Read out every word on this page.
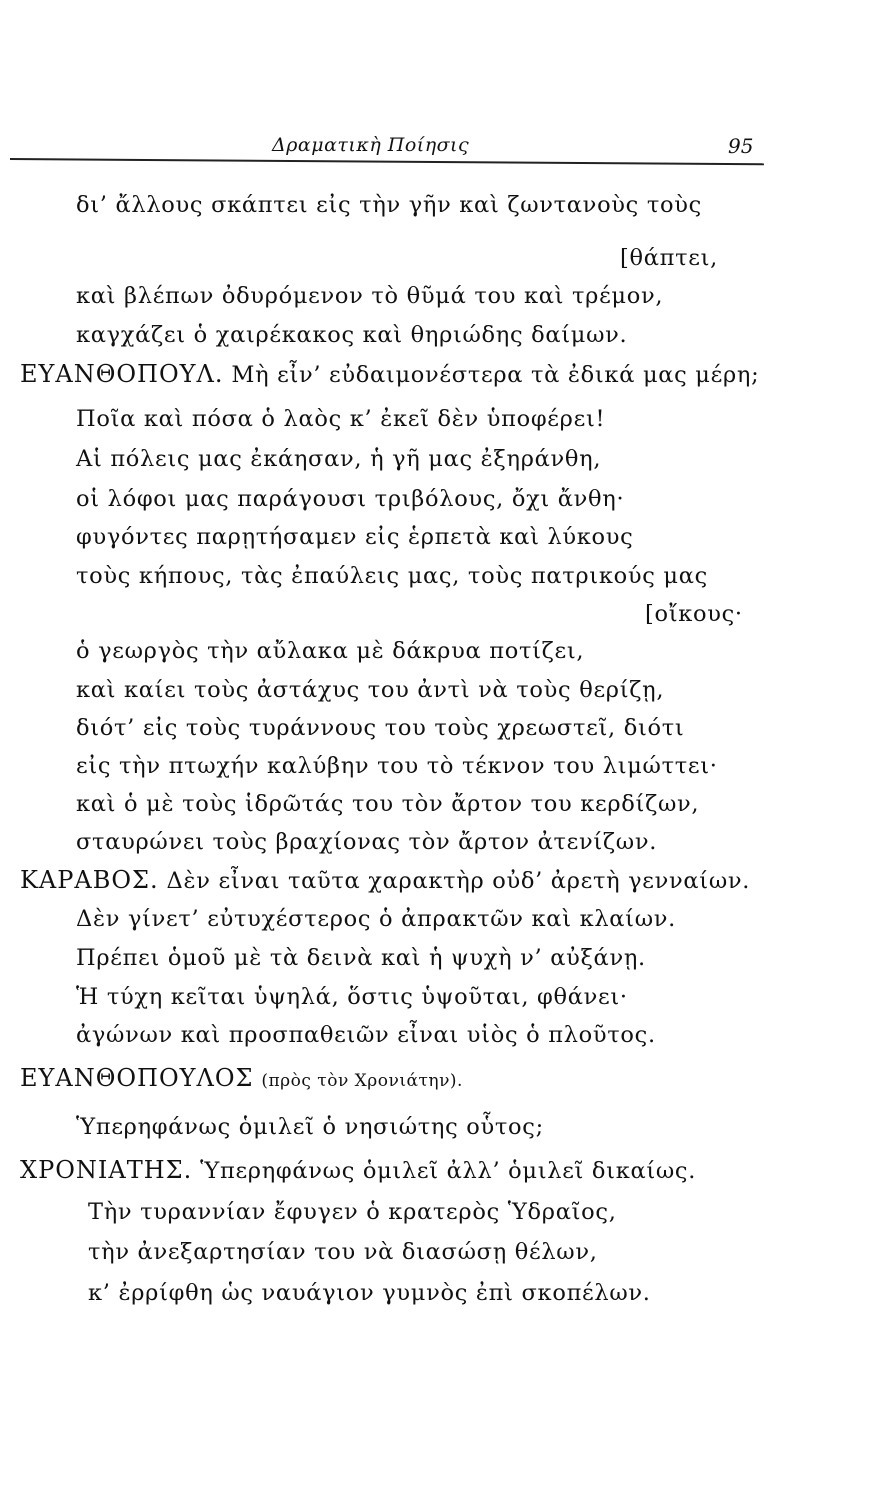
Δραματικὴ Ποίησις	95
δι’ ἄλλους σκάπτει εἰς τὴν γῆν καὶ ζωντανοὺς τοὺς
[θάπτει,
καὶ βλέπων ὀδυρόμενον τὸ θῦμά του καὶ τρέμον,
καγχάζει ὁ χαιρέκακος καὶ θηριώδης δαίμων.
ΕΥΑΝΘΟΠΟΥΛ. Μὴ εἶν’ εὐδαιμονέστερα τὰ ἐδικά μας μέρη;
Ποῖα καὶ πόσα ὁ λαὸς κ’ ἐκεῖ δὲν ὑποφέρει!
Αἱ πόλεις μας ἐκάησαν, ἡ γῆ μας ἐξηράνθη,
οἱ λόφοι μας παράγουσι τριβόλους, ὄχι ἄνθη·
φυγόντες παρῃτήσαμεν εἰς ἑρπετὰ καὶ λύκους
τοὺς κήπους, τὰς ἐπαύλεις μας, τοὺς πατρικούς μας
[οἴκους·
ὁ γεωργὸς τὴν αὔλακα μὲ δάκρυα ποτίζει,
καὶ καίει τοὺς ἀστάχυς του ἀντὶ νὰ τοὺς θερίζῃ,
διότ’ εἰς τοὺς τυράννους του τοὺς χρεωστεῖ, διότι
εἰς τὴν πτωχήν καλύβην του τὸ τέκνον του λιμώττει·
καὶ ὁ μὲ τοὺς ἱδρῶτάς του τὸν ἄρτον του κερδίζων,
σταυρώνει τοὺς βραχίονας τὸν ἄρτον ἀτενίζων.
ΚΑΡΑΒΟΣ. Δὲν εἶναι ταῦτα χαρακτὴρ οὐδ’ ἀρετὴ γενναίων.
Δὲν γίνετ’ εὐτυχέστερος ὁ ἀπρακτῶν καὶ κλαίων.
Πρέπει ὁμοῦ μὲ τὰ δεινὰ καὶ ἡ ψυχὴ ν’ αὐξάνῃ.
Ἡ τύχη κεῖται ὑψηλά, ὅστις ὑψοῦται, φθάνει·
ἀγώνων καὶ προσπαθειῶν εἶναι υἱὸς ὁ πλοῦτος.
ΕΥΑΝΘΟΠΟΥΛΟΣ (πρὸς τὸν Χρονιάτην).
Ὑπερηφάνως ὁμιλεῖ ὁ νησιώτης οὗτος;
ΧΡΟΝΙΑΤΗΣ. Ὑπερηφάνως ὁμιλεῖ ἀλλ’ ὁμιλεῖ δικαίως.
Τὴν τυραννίαν ἔφυγεν ὁ κρατερὸς Ὑδραῖος,
τὴν ἀνεξαρτησίαν του νὰ διασώσῃ θέλων,
κ’ ἐρρίφθη ὡς ναυάγιον γυμνὸς ἐπὶ σκοπέλων.
